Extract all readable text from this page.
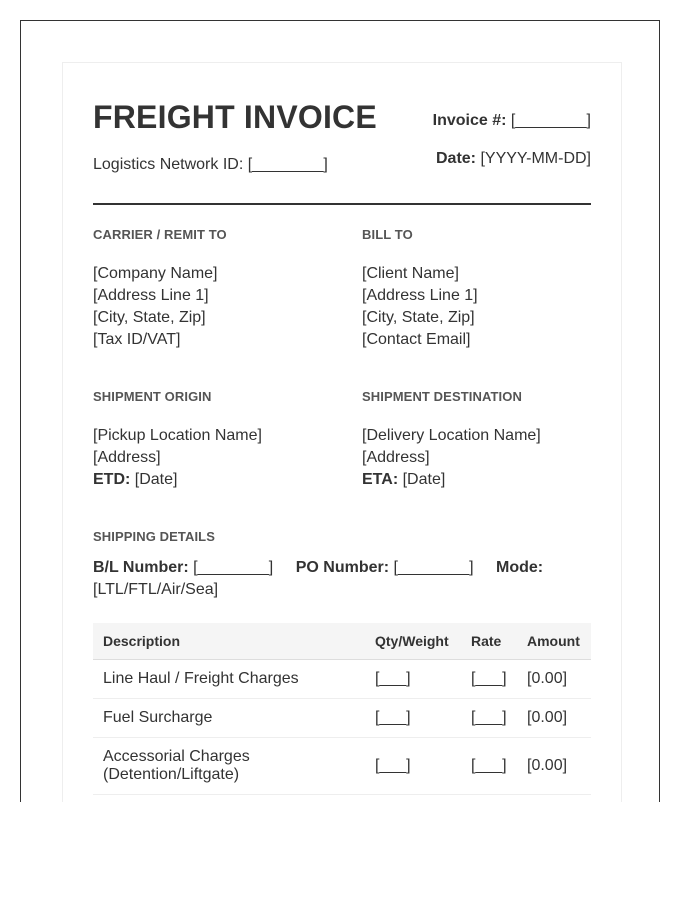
FREIGHT INVOICE
Logistics Network ID: [________]
Invoice #: [________]
Date: [YYYY-MM-DD]
CARRIER / REMIT TO
[Company Name]
[Address Line 1]
[City, State, Zip]
[Tax ID/VAT]
BILL TO
[Client Name]
[Address Line 1]
[City, State, Zip]
[Contact Email]
SHIPMENT ORIGIN
[Pickup Location Name]
[Address]
ETD: [Date]
SHIPMENT DESTINATION
[Delivery Location Name]
[Address]
ETA: [Date]
SHIPPING DETAILS
B/L Number: [________] PO Number: [________] Mode: [LTL/FTL/Air/Sea]
Description	Qty/Weight	Rate	Amount
Line Haul / Freight Charges	[___]	[___]	[0.00]
Fuel Surcharge	[___]	[___]	[0.00]

Accessorial Charges
(Detention/Liftgate)	[___]	[___]	[0.00]
